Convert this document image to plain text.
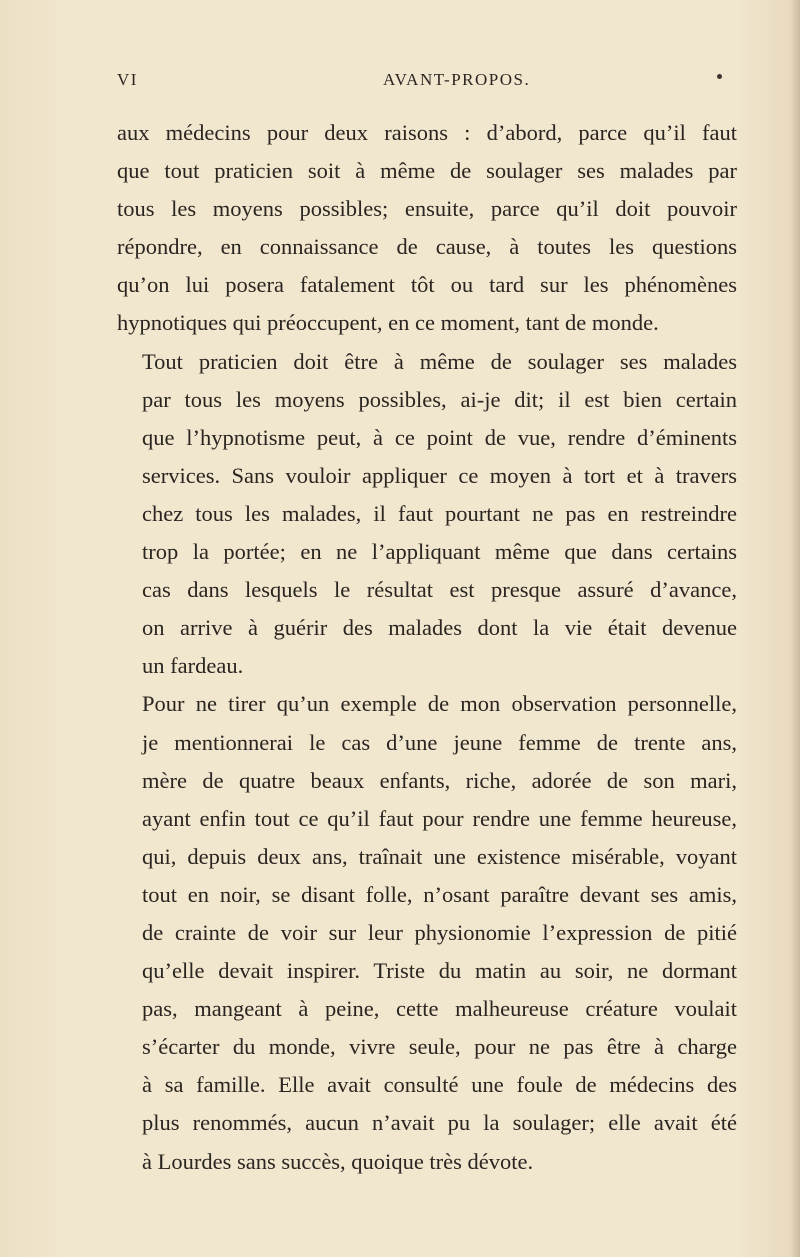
VI	AVANT-PROPOS.

aux médecins pour deux raisons : d’abord, parce qu’il faut
que tout praticien soit à même de soulager ses malades par
tous les moyens possibles; ensuite, parce qu’il doit pouvoir
répondre, en connaissance de cause, à toutes les questions
qu’on lui posera fatalement tôt ou tard sur les phénomènes
hypnotiques qui préoccupent, en ce moment, tant de monde.

Tout praticien doit être à même de soulager ses malades
par tous les moyens possibles, ai-je dit; il est bien certain
que l’hypnotisme peut, à ce point de vue, rendre d’éminents
services. Sans vouloir appliquer ce moyen à tort et à travers
chez tous les malades, il faut pourtant ne pas en restreindre
trop la portée; en ne l’appliquant même que dans certains
cas dans lesquels le résultat est presque assuré d’avance,
on arrive à guérir des malades dont la vie était devenue
un fardeau.

Pour ne tirer qu’un exemple de mon observation personnelle,
je mentionnerai le cas d’une jeune femme de trente ans,
mère de quatre beaux enfants, riche, adorée de son mari,
ayant enfin tout ce qu’il faut pour rendre une femme heureuse,
qui, depuis deux ans, traînait une existence misérable, voyant
tout en noir, se disant folle, n’osant paraître devant ses amis,
de crainte de voir sur leur physionomie l’expression de pitié
qu’elle devait inspirer. Triste du matin au soir, ne dormant
pas, mangeant à peine, cette malheureuse créature voulait
s’écarter du monde, vivre seule, pour ne pas être à charge
à sa famille. Elle avait consulté une foule de médecins des
plus renommés, aucun n’avait pu la soulager; elle avait été
à Lourdes sans succès, quoique très dévote.
